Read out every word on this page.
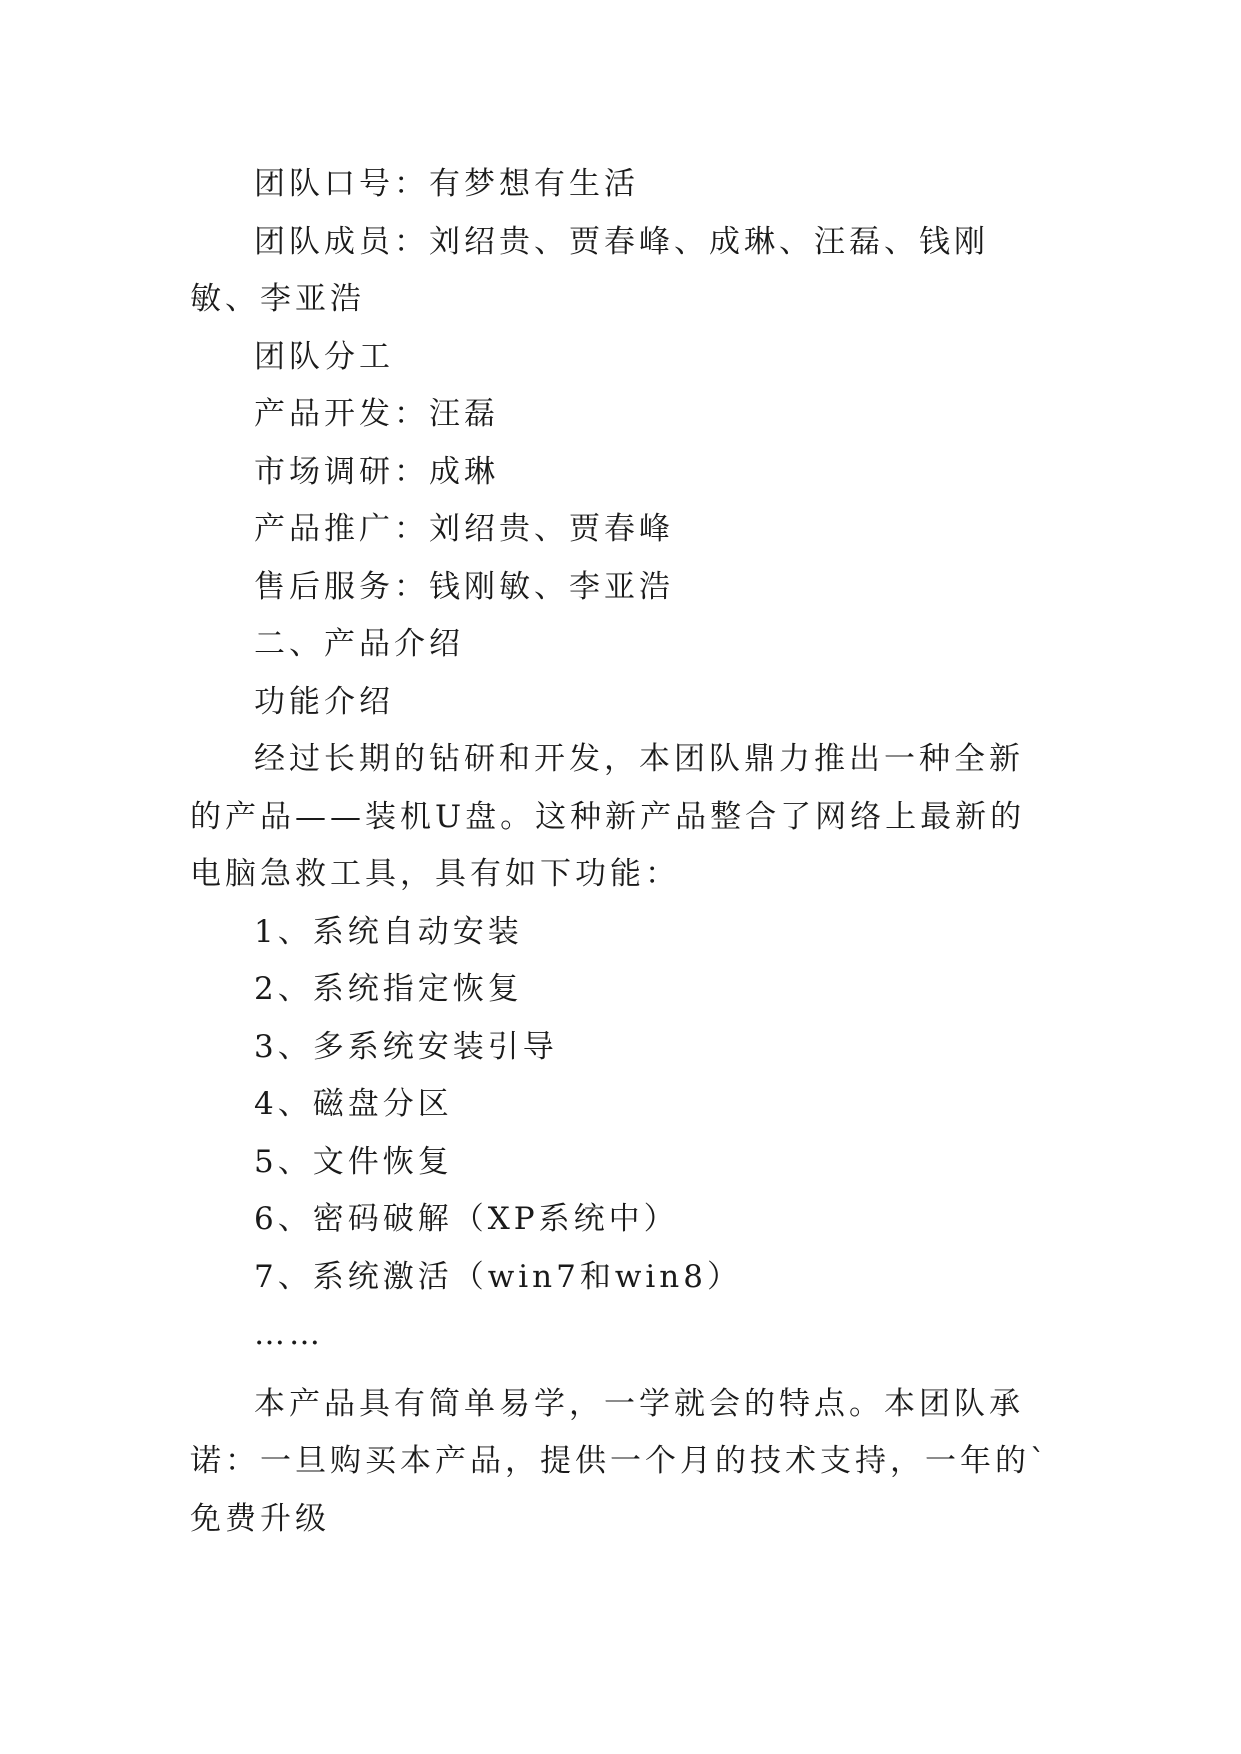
团队口号：有梦想有生活

团队成员：刘绍贵、贾春峰、成琳、汪磊、钱刚敏、李亚浩

团队分工

产品开发：汪磊

市场调研：成琳

产品推广：刘绍贵、贾春峰

售后服务：钱刚敏、李亚浩

二、产品介绍

功能介绍

经过长期的钻研和开发，本团队鼎力推出一种全新的产品——装机U盘。这种新产品整合了网络上最新的电脑急救工具，具有如下功能：

1、系统自动安装

2、系统指定恢复

3、多系统安装引导

4、磁盘分区

5、文件恢复

6、密码破解（XP系统中）

7、系统激活（win7和win8）

……

本产品具有简单易学，一学就会的特点。本团队承诺：一旦购买本产品，提供一个月的技术支持，一年的`免费升级
